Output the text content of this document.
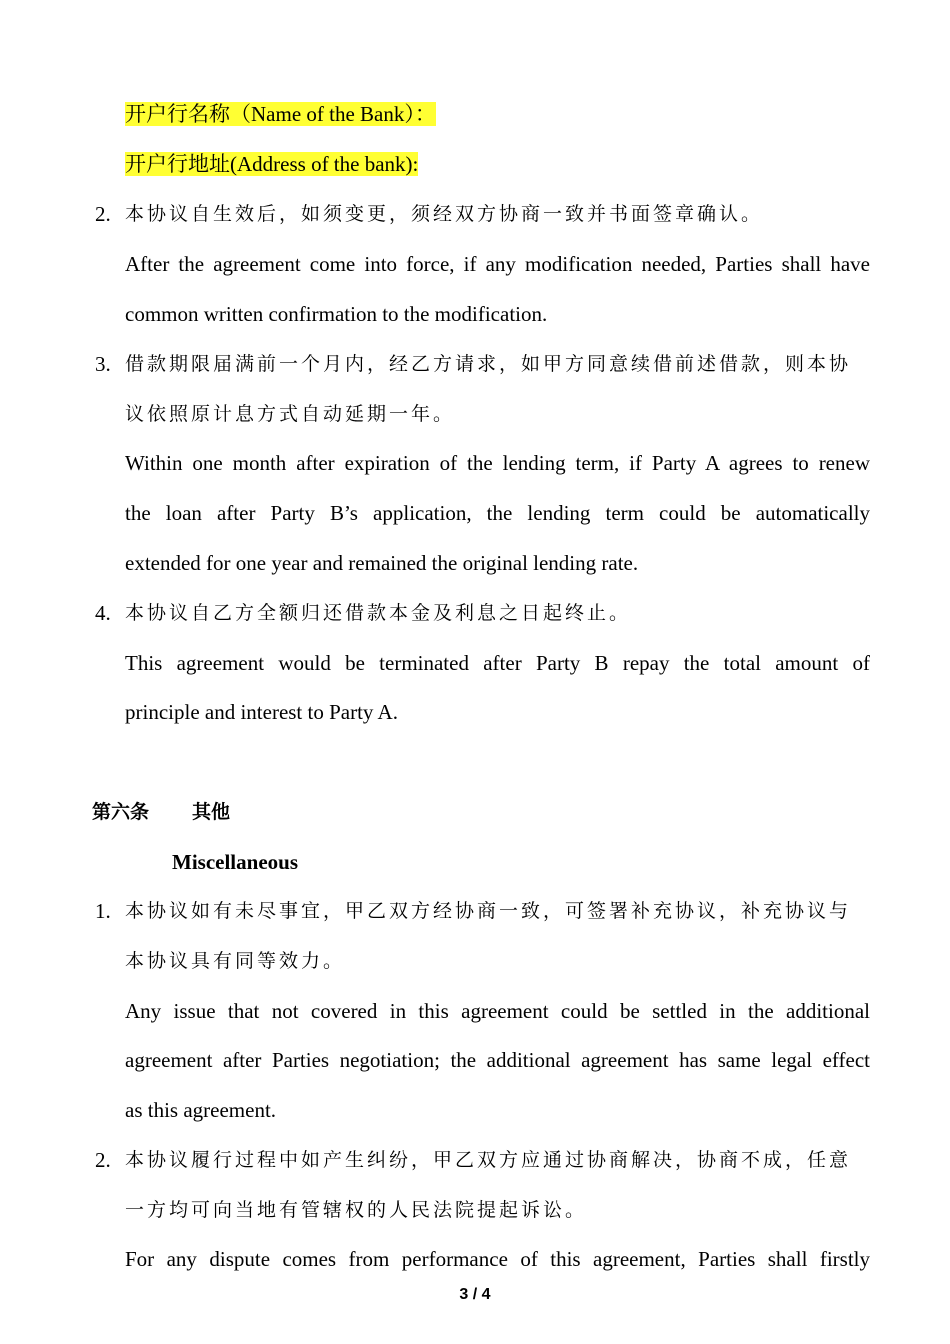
开户行名称（Name of the Bank）：
开户行地址(Address of the bank):
2. 本协议自生效后，如须变更，须经双方协商一致并书面签章确认。
After the agreement come into force, if any modification needed, Parties shall have
common written confirmation to the modification.
3. 借款期限届满前一个月内，经乙方请求，如甲方同意续借前述借款，则本协
议依照原计息方式自动延期一年。
Within one month after expiration of the lending term, if Party A agrees to renew
the loan after Party B’s application, the lending term could be automatically
extended for one year and remained the original lending rate.
4. 本协议自乙方全额归还借款本金及利息之日起终止。
This agreement would be terminated after Party B repay the total amount of
principle and interest to Party A.
第六条 其他
Miscellaneous
1. 本协议如有未尽事宜，甲乙双方经协商一致，可签署补充协议，补充协议与
本协议具有同等效力。
Any issue that not covered in this agreement could be settled in the additional
agreement after Parties negotiation; the additional agreement has same legal effect
as this agreement.
2. 本协议履行过程中如产生纠纷，甲乙双方应通过协商解决，协商不成，任意
一方均可向当地有管辖权的人民法院提起诉讼。
For any dispute comes from performance of this agreement, Parties shall firstly
3 / 4
